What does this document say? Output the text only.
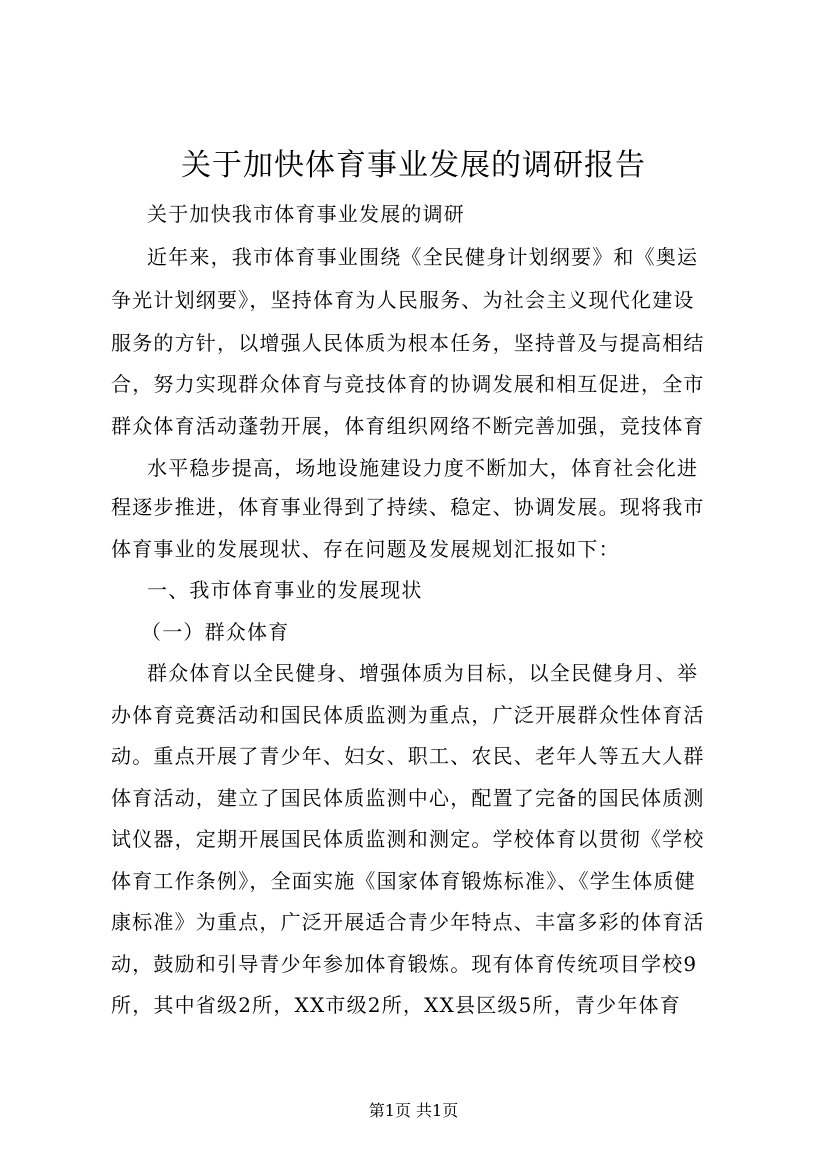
关于加快体育事业发展的调研报告
关于加快我市体育事业发展的调研
近年来，我市体育事业围绕《全民健身计划纲要》和《奥运
争光计划纲要》，坚持体育为人民服务、为社会主义现代化建设
服务的方针，以增强人民体质为根本任务，坚持普及与提高相结
合，努力实现群众体育与竞技体育的协调发展和相互促进，全市
群众体育活动蓬勃开展，体育组织网络不断完善加强，竞技体育
水平稳步提高，场地设施建设力度不断加大，体育社会化进
程逐步推进，体育事业得到了持续、稳定、协调发展。现将我市
体育事业的发展现状、存在问题及发展规划汇报如下：
一、我市体育事业的发展现状
（一）群众体育
群众体育以全民健身、增强体质为目标，以全民健身月、举
办体育竞赛活动和国民体质监测为重点，广泛开展群众性体育活
动。重点开展了青少年、妇女、职工、农民、老年人等五大人群
体育活动，建立了国民体质监测中心，配置了完备的国民体质测
试仪器，定期开展国民体质监测和测定。学校体育以贯彻《学校
体育工作条例》，全面实施《国家体育锻炼标准》、《学生体质健
康标准》为重点，广泛开展适合青少年特点、丰富多彩的体育活
动，鼓励和引导青少年参加体育锻炼。现有体育传统项目学校9
所，其中省级2所，XX市级2所，XX县区级5所，青少年体育
第1页 共1页
